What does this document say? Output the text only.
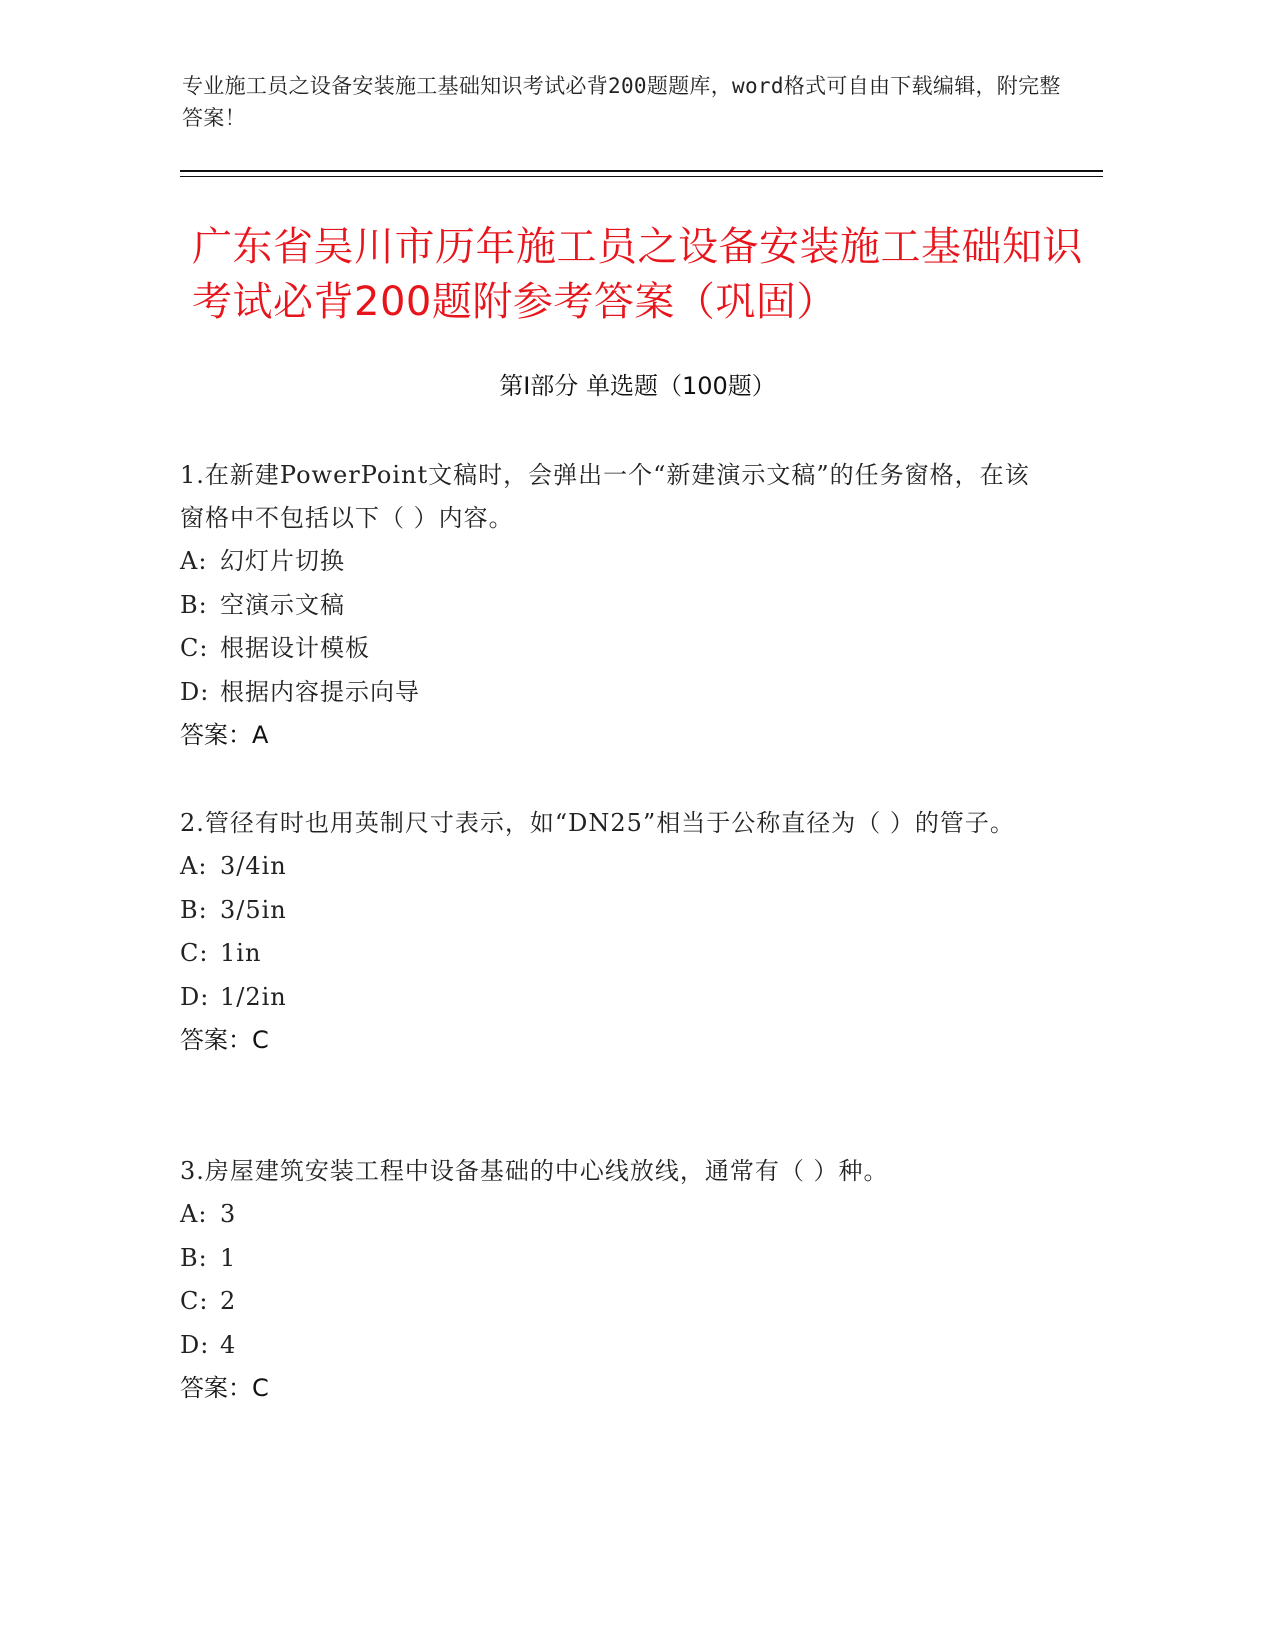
专业施工员之设备安装施工基础知识考试必背200题题库，word格式可自由下载编辑，附完整答案！
广东省吴川市历年施工员之设备安装施工基础知识考试必背200题附参考答案（巩固）
第Ⅰ部分 单选题（100题）
1.在新建PowerPoint文稿时，会弹出一个“新建演示文稿”的任务窗格，在该窗格中不包括以下（ ）内容。
A: 幻灯片切换
B: 空演示文稿
C: 根据设计模板
D: 根据内容提示向导
答案：A
2.管径有时也用英制尺寸表示，如“DN25”相当于公称直径为（ ）的管子。
A: 3/4in
B: 3/5in
C: 1in
D: 1/2in
答案：C
3.房屋建筑安装工程中设备基础的中心线放线，通常有（ ）种。
A: 3
B: 1
C: 2
D: 4
答案：C
